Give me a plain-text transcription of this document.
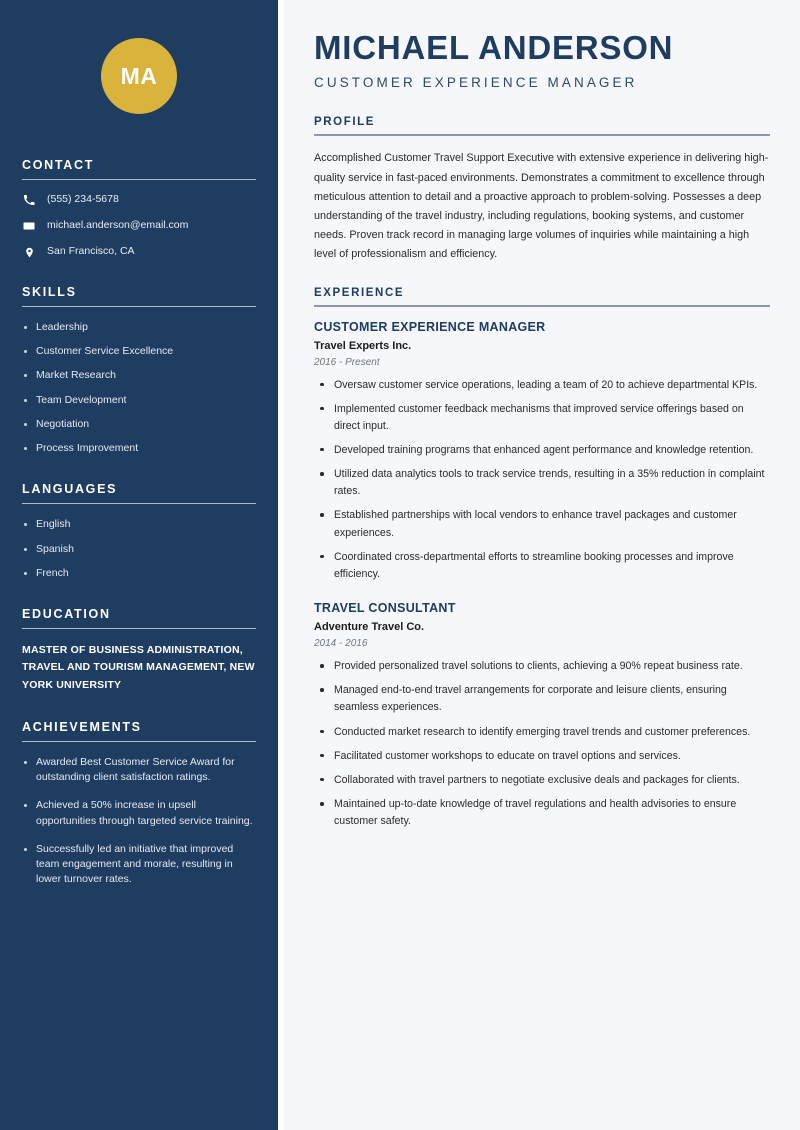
MA
CONTACT
(555) 234-5678
michael.anderson@email.com
San Francisco, CA
SKILLS
Leadership
Customer Service Excellence
Market Research
Team Development
Negotiation
Process Improvement
LANGUAGES
English
Spanish
French
EDUCATION
MASTER OF BUSINESS ADMINISTRATION, TRAVEL AND TOURISM MANAGEMENT, NEW YORK UNIVERSITY
ACHIEVEMENTS
Awarded Best Customer Service Award for outstanding client satisfaction ratings.
Achieved a 50% increase in upsell opportunities through targeted service training.
Successfully led an initiative that improved team engagement and morale, resulting in lower turnover rates.
MICHAEL ANDERSON
CUSTOMER EXPERIENCE MANAGER
PROFILE

Accomplished Customer Travel Support Executive with extensive experience in delivering high-quality service in fast-paced environments. Demonstrates a commitment to excellence through meticulous attention to detail and a proactive approach to problem-solving. Possesses a deep understanding of the travel industry, including regulations, booking systems, and customer needs. Proven track record in managing large volumes of inquiries while maintaining a high level of professionalism and efficiency.

EXPERIENCE
CUSTOMER EXPERIENCE MANAGER
Travel Experts Inc.
2016 - Present
Oversaw customer service operations, leading a team of 20 to achieve departmental KPIs.
Implemented customer feedback mechanisms that improved service offerings based on direct input.
Developed training programs that enhanced agent performance and knowledge retention.
Utilized data analytics tools to track service trends, resulting in a 35% reduction in complaint rates.
Established partnerships with local vendors to enhance travel packages and customer experiences.
Coordinated cross-departmental efforts to streamline booking processes and improve efficiency.
TRAVEL CONSULTANT
Adventure Travel Co.
2014 - 2016
Provided personalized travel solutions to clients, achieving a 90% repeat business rate.
Managed end-to-end travel arrangements for corporate and leisure clients, ensuring seamless experiences.
Conducted market research to identify emerging travel trends and customer preferences.
Facilitated customer workshops to educate on travel options and services.
Collaborated with travel partners to negotiate exclusive deals and packages for clients.
Maintained up-to-date knowledge of travel regulations and health advisories to ensure customer safety.
